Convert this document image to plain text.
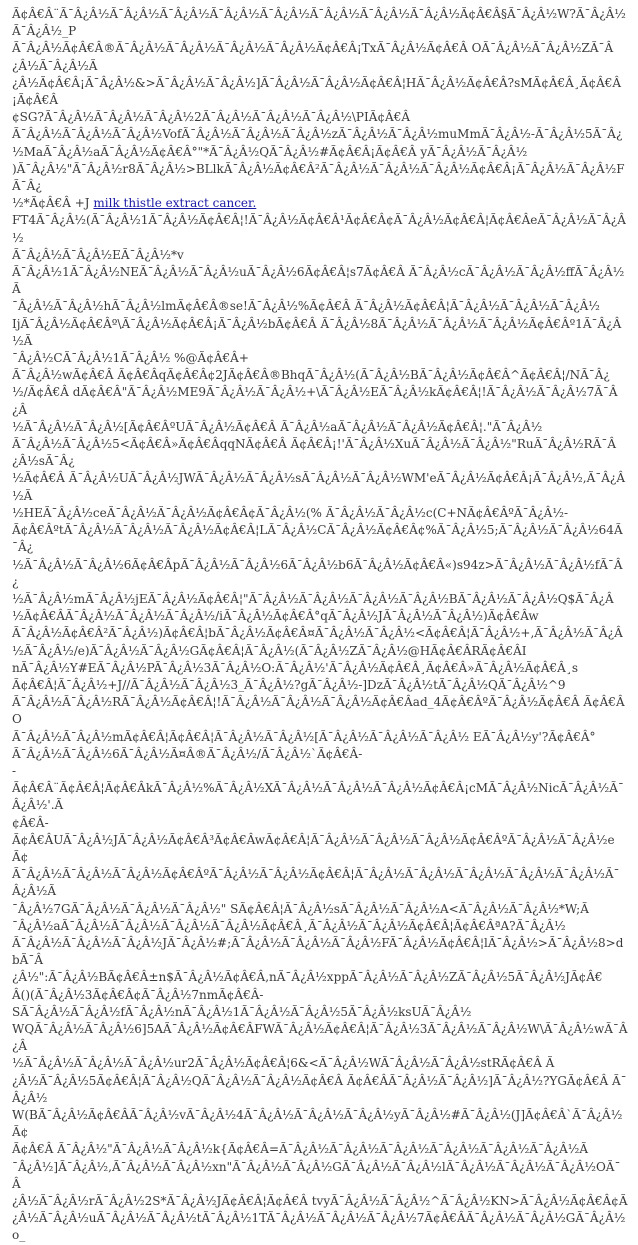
Ã¢Â€Â¨Ã¯Â¿Â½Ã¯Â¿Â½Ã¯Â¿Â½Ã¯Â¿Â½Ã¯Â¿Â½Ã¯Â¿Â½Ã¯Â¿Â½Ã¯Â¿Â½Ã¢Â€Â§Ã¯Â¿Â½W?Ã¯Â¿Â½Ã¯Â¿Â½_P
Ã¯Â¿Â½Ã¢Â€Â®Ã¯Â¿Â½Ã¯Â¿Â½Ã¯Â¿Â½Ã¯Â¿Â½Ã¢Â€Â¡TxÃ¯Â¿Â½Ã¢Â€Â OÃ¯Â¿Â½Ã¯Â¿Â½ZÃ¯Â¿Â½Ã¯Â¿Â½Ã
¿Â½Ã¢Â€Â¡Ã¯Â¿Â½&>Ã¯Â¿Â½Ã¯Â¿Â½]Ã¯Â¿Â½Ã¯Â¿Â½Ã¢Â€Â¦HÃ¯Â¿Â½Ã¢Â€Â?sMÃ¢Â€Â¸Ã¢Â€Â¡Ã¢Â€Â
¢SG?Ã¯Â¿Â½Ã¯Â¿Â½Ã¯Â¿Â½2Ã¯Â¿Â½Ã¯Â¿Â½Ã¯Â¿Â½\PIÃ¢Â€Â
Ã¯Â¿Â½Ã¯Â¿Â½Ã¯Â¿Â½VofÃ¯Â¿Â½Ã¯Â¿Â½Ã¯Â¿Â½zÃ¯Â¿Â½Ã¯Â¿Â½muMmÃ¯Â¿Â½-Ã¯Â¿Â½5Ã¯Â¿
½MaÃ¯Â¿Â½aÃ¯Â¿Â½Ã¢Â€Â°"*Ã¯Â¿Â½QÃ¯Â¿Â½#Ã¢Â€Â¡Ã¢Â€Â yÃ¯Â¿Â½Ã¯Â¿Â½
)Ã¯Â¿Â½"Ã¯Â¿Â½r8Ã¯Â¿Â½>BLlkÃ¯Â¿Â½Ã¢Â€Â²Ã¯Â¿Â½Ã¯Â¿Â½Ã¯Â¿Â½Ã¢Â€Â¡Ã¯Â¿Â½Ã¯Â¿Â½FÃ¯Â¿
½*Ã¢Â€Â +J milk thistle extract cancer.
FT4Ã¯Â¿Â½(Ã¯Â¿Â½1Ã¯Â¿Â½Ã¢Â€Â¦!Ã¯Â¿Â½Ã¢Â€Â¹Ã¢Â€Â¢Ã¯Â¿Â½Ã¢Â€Â¦Ã¢Â€ÂeÃ¯Â¿Â½Ã¯Â¿Â½
Ã¯Â¿Â½Ã¯Â¿Â½EÃ¯Â¿Â½*v
Ã¯Â¿Â½1Ã¯Â¿Â½NEÃ¯Â¿Â½Ã¯Â¿Â½uÃ¯Â¿Â½6Ã¢Â€Â¦s7Ã¢Â€Â Ã¯Â¿Â½cÃ¯Â¿Â½Ã¯Â¿Â½ffÃ¯Â¿Â½Ã
¯Â¿Â½Ã¯Â¿Â½hÃ¯Â¿Â½lmÃ¢Â€Â®se!Ã¯Â¿Â½%Ã¢Â€Â Ã¯Â¿Â½Ã¢Â€Â¦Ã¯Â¿Â½Ã¯Â¿Â½Ã¯Â¿Â½
IjÃ¯Â¿Â½Ã¢Â€Âº\Ã¯Â¿Â½Ã¢Â€Â¡Ã¯Â¿Â½bÃ¢Â€Â Ã¯Â¿Â½8Ã¯Â¿Â½Ã¯Â¿Â½Ã¯Â¿Â½Ã¢Â€Âº1Ã¯Â¿Â½Ã
¯Â¿Â½CÃ¯Â¿Â½1Ã¯Â¿Â½ %@Ã¢Â€Â+
Ã¯Â¿Â½wÃ¢Â€Â Ã¢Â€ÂqÃ¢Â€Â¢2JÃ¢Â€Â®BhqÃ¯Â¿Â½(Ã¯Â¿Â½BÃ¯Â¿Â½Ã¢Â€Â^Ã¢Â€Â¦/NÃ¯Â¿
½/Ã¢Â€Â dÃ¢Â€Â"Ã¯Â¿Â½ME9Ã¯Â¿Â½Ã¯Â¿Â½+\Ã¯Â¿Â½EÃ¯Â¿Â½kÃ¢Â€Â¦!Ã¯Â¿Â½Ã¯Â¿Â½7Ã¯Â¿Â
½Ã¯Â¿Â½Ã¯Â¿Â½[Ã¢Â€ÂºUÃ¯Â¿Â½Ã¢Â€Â Ã¯Â¿Â½aÃ¯Â¿Â½Ã¯Â¿Â½Ã¢Â€Â¦."Ã¯Â¿Â½
Ã¯Â¿Â½Ã¯Â¿Â½5<Ã¢Â€Â»Ã¢Â€ÂqqNÃ¢Â€Â Ã¢Â€Â¡!'Ã¯Â¿Â½XuÃ¯Â¿Â½Ã¯Â¿Â½"RuÃ¯Â¿Â½RÃ¯Â¿Â½sÃ¯Â¿
½Ã¢Â€Â Ã¯Â¿Â½UÃ¯Â¿Â½JWÃ¯Â¿Â½Ã¯Â¿Â½sÃ¯Â¿Â½Ã¯Â¿Â½WM'eÃ¯Â¿Â½Ã¢Â€Â¡Ã¯Â¿Â½,Ã¯Â¿Â½Ã
½HEÃ¯Â¿Â½ceÃ¯Â¿Â½Ã¯Â¿Â½Ã¢Â€Â¢Ã¯Â¿Â½(% Ã¯Â¿Â½Ã¯Â¿Â½c(C+NÃ¢Â€ÂºÃ¯Â¿Â½-
Ã¢Â€ÂºtÃ¯Â¿Â½Ã¯Â¿Â½Ã¯Â¿Â½Ã¢Â€Â¦LÃ¯Â¿Â½CÃ¯Â¿Â½Ã¢Â€Â¢%Ã¯Â¿Â½5;Ã¯Â¿Â½Ã¯Â¿Â½64Ã¯Â¿
½Ã¯Â¿Â½Ã¯Â¿Â½6Ã¢Â€ÂpÃ¯Â¿Â½Ã¯Â¿Â½6Ã¯Â¿Â½b6Ã¯Â¿Â½Ã¢Â€Â«)s94z>Ã¯Â¿Â½Ã¯Â¿Â½fÃ¯Â¿
½Ã¯Â¿Â½mÃ¯Â¿Â½jEÃ¯Â¿Â½Ã¢Â€Â¦"Ã¯Â¿Â½Ã¯Â¿Â½Ã¯Â¿Â½Ã¯Â¿Â½BÃ¯Â¿Â½Ã¯Â¿Â½Q$Ã¯Â¿Â
½Ã¢Â€ÂÃ¯Â¿Â½Ã¯Â¿Â½Ã¯Â¿Â½/iÃ¯Â¿Â½Ã¢Â€Â°qÃ¯Â¿Â½JÃ¯Â¿Â½Ã¯Â¿Â½)Ã¢Â€Âw
Ã¯Â¿Â½Ã¢Â€Â²Ã¯Â¿Â½)Ã¢Â€Â¦bÃ¯Â¿Â½Ã¢Â€Â¤Ã¯Â¿Â½Ã¯Â¿Â½<Ã¢Â€Â¦Ã¯Â¿Â½+,Ã¯Â¿Â½Ã¯Â¿Â
½Ã¯Â¿Â½/e)Ã¯Â¿Â½Ã¯Â¿Â½GÃ¢Â€Â¦Ã¯Â¿Â½(Ã¯Â¿Â½ZÃ¯Â¿Â½@HÃ¢Â€ÂRÃ¢Â€ÂI
nÃ¯Â¿Â½Y#EÃ¯Â¿Â½PÃ¯Â¿Â½3Ã¯Â¿Â½O:Ã¯Â¿Â½'Ã¯Â¿Â½Ã¢Â€Â¸Ã¢Â€Â»Ã¯Â¿Â½Ã¢Â€Â¸s
Ã¢Â€Â¦Ã¯Â¿Â½+J//Ã¯Â¿Â½Ã¯Â¿Â½3_Ã¯Â¿Â½?gÃ¯Â¿Â½-]DzÃ¯Â¿Â½tÃ¯Â¿Â½QÃ¯Â¿Â½^9
Ã¯Â¿Â½Ã¯Â¿Â½RÃ¯Â¿Â½Ã¢Â€Â¦!Ã¯Â¿Â½Ã¯Â¿Â½Ã¯Â¿Â½Ã¢Â€Âad_4Ã¢Â€ÂºÃ¯Â¿Â½Ã¢Â€Â Ã¢Â€ÂO
Ã¯Â¿Â½Ã¯Â¿Â½mÃ¢Â€Â¦Ã¢Â€Â¦Ã¯Â¿Â½Ã¯Â¿Â½[Ã¯Â¿Â½Ã¯Â¿Â½Ã¯Â¿Â½ EÃ¯Â¿Â½y'?Ã¢Â€Â°
Ã¯Â¿Â½Ã¯Â¿Â½6Ã¯Â¿Â½Ã¤Â®Ã¯Â¿Â½/Ã¯Â¿Â½`Ã¢Â€Â-
-
Ã¢Â€Â¨Ã¢Â€Â¦Ã¢Â€ÂkÃ¯Â¿Â½%Ã¯Â¿Â½XÃ¯Â¿Â½Ã¯Â¿Â½Ã¯Â¿Â½Ã¢Â€Â¡cMÃ¯Â¿Â½NicÃ¯Â¿Â½Ã¯Â¿Â½'.Ã
¢Â€Â-
Ã¢Â€ÂUÃ¯Â¿Â½JÃ¯Â¿Â½Ã¢Â€Â³Ã¢Â€ÂwÃ¢Â€Â¦Ã¯Â¿Â½Ã¯Â¿Â½Ã¯Â¿Â½Ã¢Â€ÂºÃ¯Â¿Â½Ã¯Â¿Â½eÃ¢
Ã¯Â¿Â½Ã¯Â¿Â½Ã¯Â¿Â½Ã¢Â€ÂºÃ¯Â¿Â½Ã¯Â¿Â½Ã¢Â€Â¦Ã¯Â¿Â½Ã¯Â¿Â½Ã¯Â¿Â½Ã¯Â¿Â½Ã¯Â¿Â½Ã¯Â¿Â½Ã
¯Â¿Â½7GÃ¯Â¿Â½Ã¯Â¿Â½Ã¯Â¿Â½" SÃ¢Â€Â¦Ã¯Â¿Â½sÃ¯Â¿Â½Ã¯Â¿Â½A<Ã¯Â¿Â½Ã¯Â¿Â½*W;Ã
¯Â¿Â½aÃ¯Â¿Â½Ã¯Â¿Â½Ã¯Â¿Â½Ã¯Â¿Â½Ã¢Â€Â¸Ã¯Â¿Â½Ã¯Â¿Â½Ã¢Â€Â¦Ã¢Â€ÂªA?Ã¯Â¿Â½
Ã¯Â¿Â½Ã¯Â¿Â½Ã¯Â¿Â½JÃ¯Â¿Â½#;Ã¯Â¿Â½Ã¯Â¿Â½Ã¯Â¿Â½FÃ¯Â¿Â½Ã¢Â€Â¦lÃ¯Â¿Â½>Ã¯Â¿Â½8>dbÃ¯Â
¿Â½":Ã¯Â¿Â½BÃ¢Â€Â±n$Ã¯Â¿Â½Ã¢Â€Â,nÃ¯Â¿Â½xppÃ¯Â¿Â½Ã¯Â¿Â½ZÃ¯Â¿Â½5Ã¯Â¿Â½JÃ¢Â€
Â()(Ã¯Â¿Â½3Ã¢Â€Â¢Ã¯Â¿Â½7nmÃ¢Â€Â-
SÃ¯Â¿Â½Ã¯Â¿Â½fÃ¯Â¿Â½nÃ¯Â¿Â½1Ã¯Â¿Â½Ã¯Â¿Â½5Ã¯Â¿Â½ksUÃ¯Â¿Â½
WQÃ¯Â¿Â½Ã¯Â¿Â½6]5AÃ¯Â¿Â½Ã¢Â€ÂFWÃ¯Â¿Â½Ã¢Â€Â¦Ã¯Â¿Â½3Ã¯Â¿Â½Ã¯Â¿Â½W\Ã¯Â¿Â½wÃ¯Â¿Â
½Ã¯Â¿Â½Ã¯Â¿Â½Ã¯Â¿Â½ur2Ã¯Â¿Â½Ã¢Â€Â¦6&<Ã¯Â¿Â½WÃ¯Â¿Â½Ã¯Â¿Â½stRÃ¢Â€Â Ã
¿Â½Ã¯Â¿Â½5Ã¢Â€Â¦Ã¯Â¿Â½QÃ¯Â¿Â½Ã¯Â¿Â½Ã¢Â€Â Ã¢Â€ÂÃ¯Â¿Â½Ã¯Â¿Â½]Ã¯Â¿Â½?YGÃ¢Â€Â Ã¯Â¿Â½
W(BÃ¯Â¿Â½Ã¢Â€ÂÃ¯Â¿Â½vÃ¯Â¿Â½4Ã¯Â¿Â½Ã¯Â¿Â½Ã¯Â¿Â½yÃ¯Â¿Â½#Ã¯Â¿Â½(J]Ã¢Â€Â`Ã¯Â¿Â½Ã¢
Ã¢Â€Â Ã¯Â¿Â½"Ã¯Â¿Â½Ã¯Â¿Â½k{Ã¢Â€Â=Ã¯Â¿Â½Ã¯Â¿Â½Ã¯Â¿Â½Ã¯Â¿Â½Ã¯Â¿Â½Ã¯Â¿Â½Ã
¯Â¿Â½]Ã¯Â¿Â½,Ã¯Â¿Â½Ã¯Â¿Â½xn"Ã¯Â¿Â½Ã¯Â¿Â½GÃ¯Â¿Â½Ã¯Â¿Â½lÃ¯Â¿Â½Ã¯Â¿Â½Ã¯Â¿Â½OÃ¯Â
¿Â½Ã¯Â¿Â½rÃ¯Â¿Â½2S*Ã¯Â¿Â½JÃ¢Â€Â¦Ã¢Â€Â tvyÃ¯Â¿Â½Ã¯Â¿Â½^Ã¯Â¿Â½KN>Ã¯Â¿Â½Ã¢Â€Â¢Ã
¿Â½Ã¯Â¿Â½uÃ¯Â¿Â½Ã¯Â¿Â½tÃ¯Â¿Â½1TÃ¯Â¿Â½Ã¯Â¿Â½Ã¯Â¿Â½7Ã¢Â€ÂÃ¯Â¿Â½Ã¯Â¿Â½GÃ¯Â¿Â½o_
